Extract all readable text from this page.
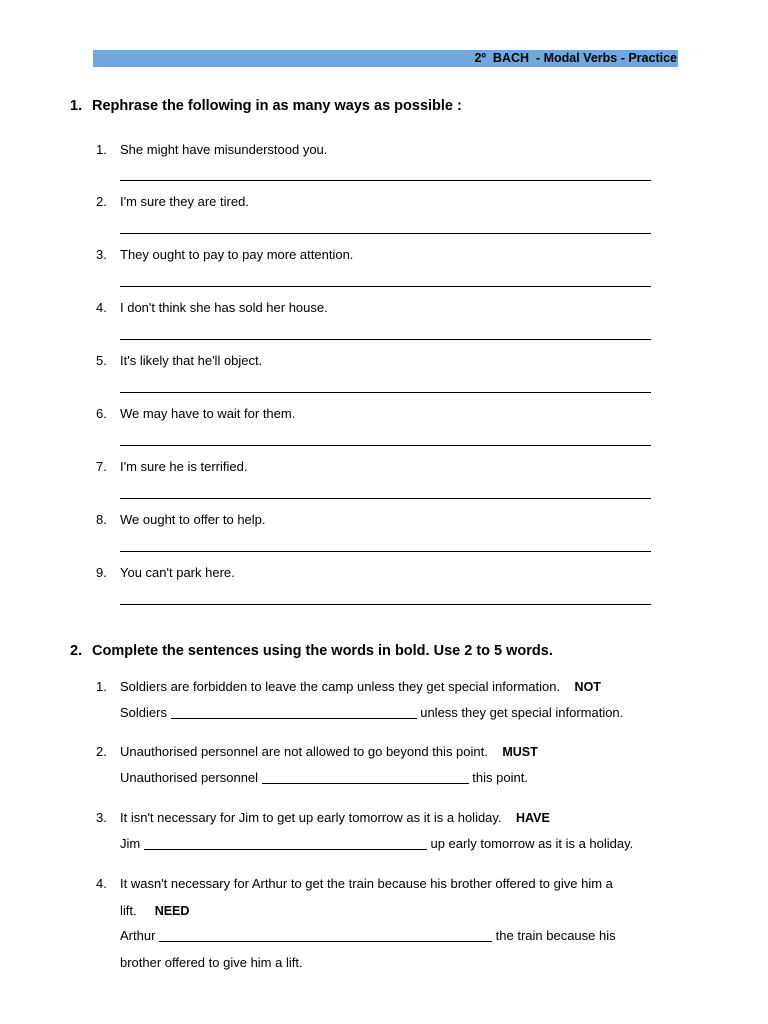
2º  BACH  - Modal Verbs - Practice
1. Rephrase the following in as many ways as possible :
1. She might have misunderstood you.
2. I'm sure they are tired.
3. They ought to pay to pay more attention.
4. I don't think she has sold her house.
5. It's likely that he'll object.
6. We may have to wait for them.
7. I'm sure he is terrified.
8. We ought to offer to help.
9. You can't park here.
2. Complete the sentences using the words in bold. Use 2 to 5 words.
1. Soldiers are forbidden to leave the camp unless they get special information. NOT
Soldiers	unless they get special information.
2. Unauthorised personnel are not allowed to go beyond this point. MUST
Unauthorised personnel	this point.
3. It isn't necessary for Jim to get up early tomorrow as it is a holiday. HAVE
Jim	up early tomorrow as it is a holiday.
4. It wasn't necessary for Arthur to get the train because his brother offered to give him a
lift. NEED
Arthur	the train because his
brother offered to give him a lift.
